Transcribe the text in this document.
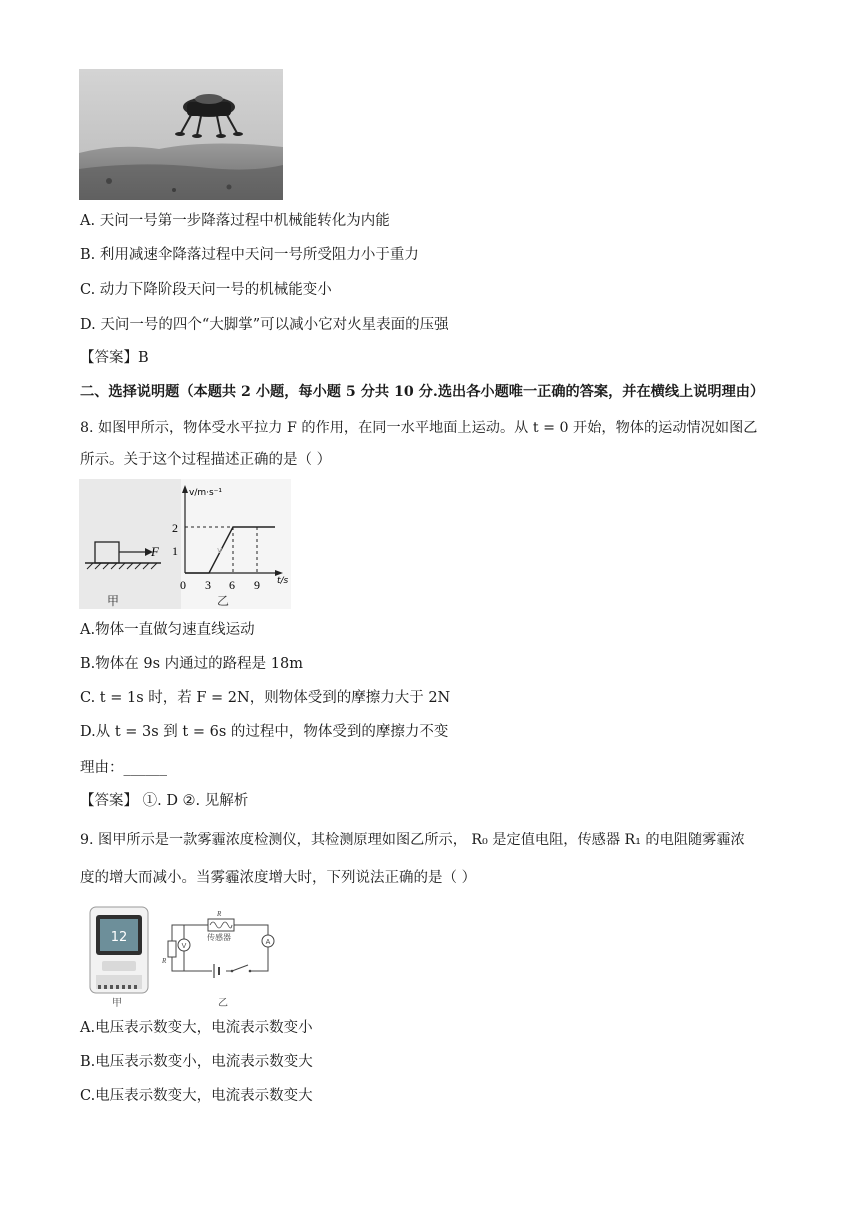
A. 天问一号第一步降落过程中机械能转化为内能
B. 利用减速伞降落过程中天问一号所受阻力小于重力
C. 动力下降阶段天问一号的机械能变小
D. 天问一号的四个“大脚掌”可以减小它对火星表面的压强
【答案】B
二、选择说明题（本题共 2 小题，每小题 5 分共 10 分.选出各小题唯一正确的答案，并在横线上说明理由）
8. 如图甲所示，物体受水平拉力 F 的作用，在同一水平地面上运动。从 t = 0 开始，物体的运动情况如图乙
所示。关于这个过程描述正确的是（ ）
F
甲
v/m·s⁻¹
t/s
2
1
0 3 6 9
乙
v
A.物体一直做匀速直线运动
B.物体在 9s 内通过的路程是 18m
C. t = 1s 时，若 F = 2N，则物体受到的摩擦力大于 2N
D.从 t = 3s 到 t = 6s 的过程中，物体受到的摩擦力不变
理由：______
【答案】 ①. D ②. 见解析
9. 图甲所示是一款雾霾浓度检测仪，其检测原理如图乙所示， R₀ 是定值电阻，传感器 R₁ 的电阻随雾霾浓
度的增大而减小。当雾霾浓度增大时，下列说法正确的是（ ）
12
甲
R
传感器
V
R
A
乙
A.电压表示数变大，电流表示数变小
B.电压表示数变小，电流表示数变大
C.电压表示数变大，电流表示数变大
